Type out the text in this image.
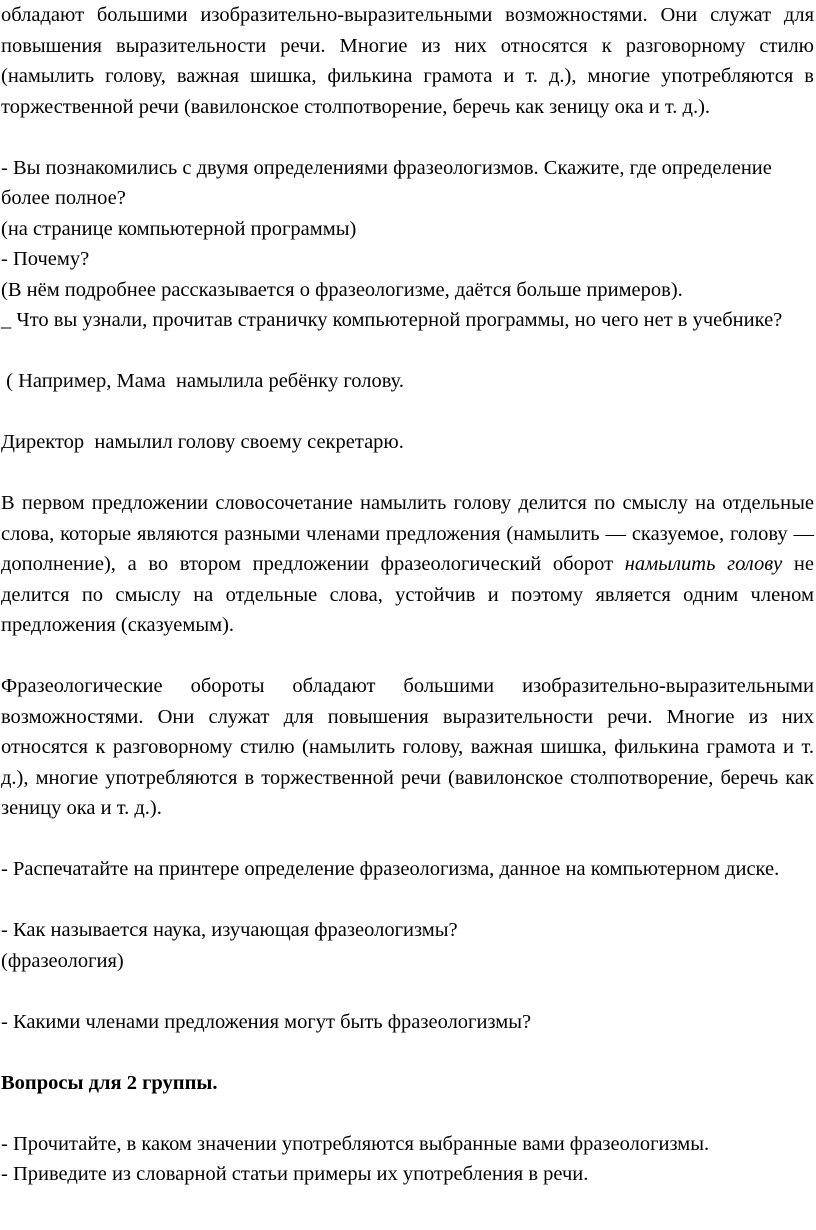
обладают большими изобразительно-выразительными возможностями. Они служат для повышения выразительности речи. Многие из них относятся к разговорному стилю (намылить голову, важная шишка, филькина грамота и т. д.), многие употребляются в торжественной речи (вавилонское столпотворение, беречь как зеницу ока и т. д.).

- Вы познакомились с двумя определениями фразеологизмов. Скажите, где определение более полное?

(на странице компьютерной программы)

- Почему?

(В нём подробнее рассказывается о фразеологизме, даётся больше примеров).

_ Что вы узнали, прочитав страничку компьютерной программы, но чего нет в учебнике?

( Например, Мама  намылила ребёнку голову.

Директор  намылил голову своему секретарю.

В первом предложении словосочетание намылить голову делится по смыслу на отдельные слова, которые являются разными членами предложения (намылить — сказуемое, голову — дополнение), а во втором предложении фразеологический оборот намылить голову не делится по смыслу на отдельные слова, устойчив и поэтому является одним членом предложения (сказуемым).

Фразеологические обороты обладают большими изобразительно-выразительными возможностями. Они служат для повышения выразительности речи. Многие из них относятся к разговорному стилю (намылить голову, важная шишка, филькина грамота и т. д.), многие употребляются в торжественной речи (вавилонское столпотворение, беречь как зеницу ока и т. д.).

- Распечатайте на принтере определение фразеологизма, данное на компьютерном диске.

- Как называется наука, изучающая фразеологизмы?

(фразеология)

- Какими членами предложения могут быть фразеологизмы?

Вопросы для 2 группы.

- Прочитайте, в каком значении употребляются выбранные вами фразеологизмы.

- Приведите из словарной статьи примеры их употребления в речи.
